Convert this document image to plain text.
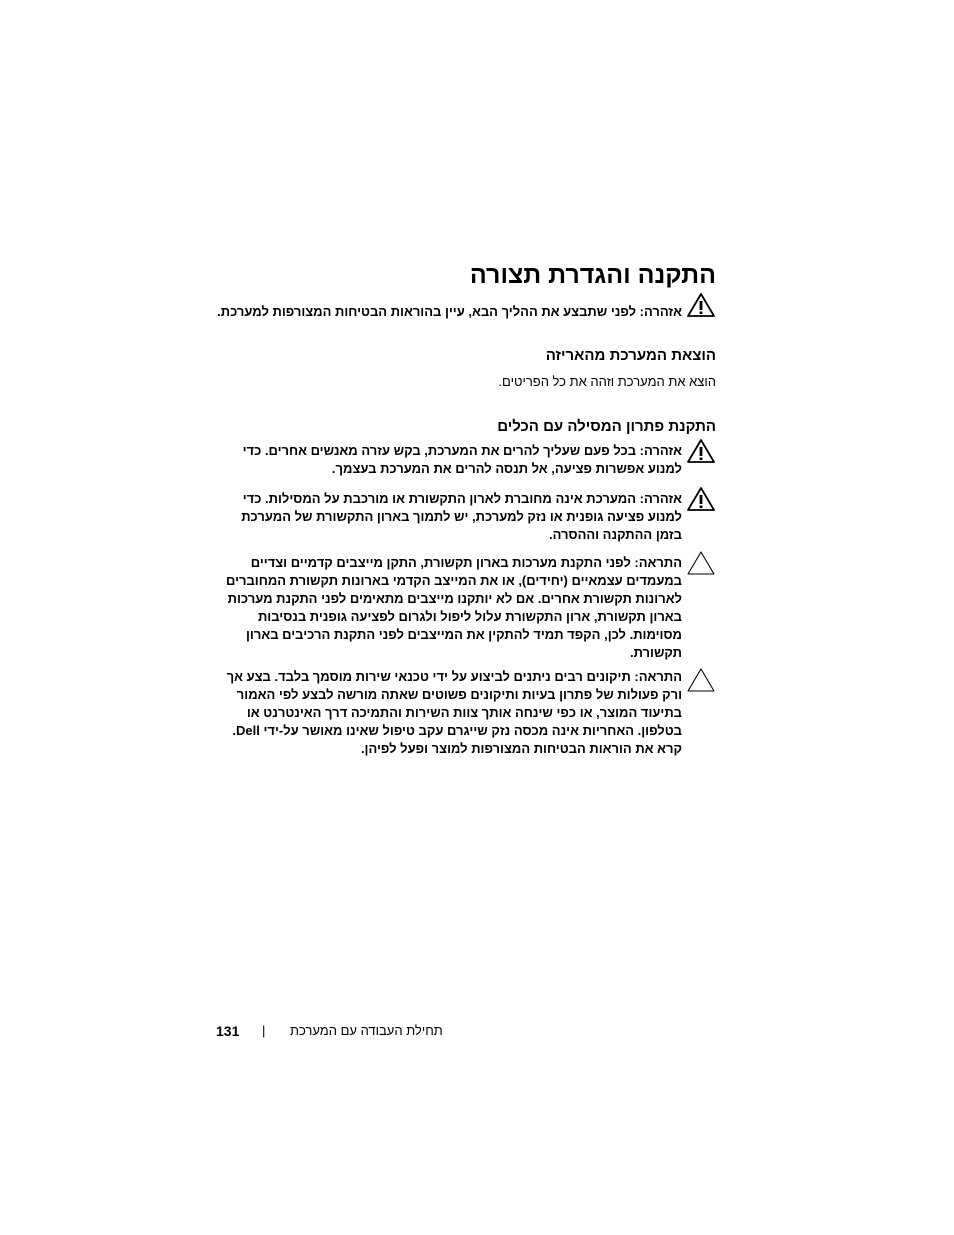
התקנה והגדרת תצורה
אזהרה: לפני שתבצע את ההליך הבא, עיין בהוראות הבטיחות המצורפות למערכת.
הוצאת המערכת מהאריזה
הוצא את המערכת וזהה את כל הפריטים.
התקנת פתרון המסילה עם הכלים
אזהרה: בכל פעם שעליך להרים את המערכת, בקש עזרה מאנשים אחרים. כדי למנוע אפשרות פציעה, אל תנסה להרים את המערכת בעצמך.
אזהרה: המערכת אינה מחוברת לארון התקשורת או מורכבת על המסילות. כדי למנוע פציעה גופנית או נזק למערכת, יש לתמוך בארון התקשורת של המערכת בזמן ההתקנה וההסרה.
התראה: לפני התקנת מערכות בארון תקשורת, התקן מייצבים קדמיים וצדיים במעמדים עצמאיים (יחידים), או את המייצב הקדמי בארונות תקשורת המחוברים לארונות תקשורת אחרים. אם לא יותקנו מייצבים מתאימים לפני התקנת מערכות בארון תקשורת, ארון התקשורת עלול ליפול ולגרום לפציעה גופנית בנסיבות מסוימות. לכן, הקפד תמיד להתקין את המייצבים לפני התקנת הרכיבים בארון תקשורת.
התראה: תיקונים רבים ניתנים לביצוע על ידי טכנאי שירות מוסמך בלבד. בצע אך ורק פעולות של פתרון בעיות ותיקונים פשוטים שאתה מורשה לבצע לפי האמור בתיעוד המוצר, או כפי שינחה אותך צוות השירות והתמיכה דרך האינטרנט או בטלפון. האחריות אינה מכסה נזק שייגרם עקב טיפול שאינו מאושר על-ידי Dell. קרא את הוראות הבטיחות המצורפות למוצר ופעל לפיהן.
131 | תחילת העבודה עם המערכת
